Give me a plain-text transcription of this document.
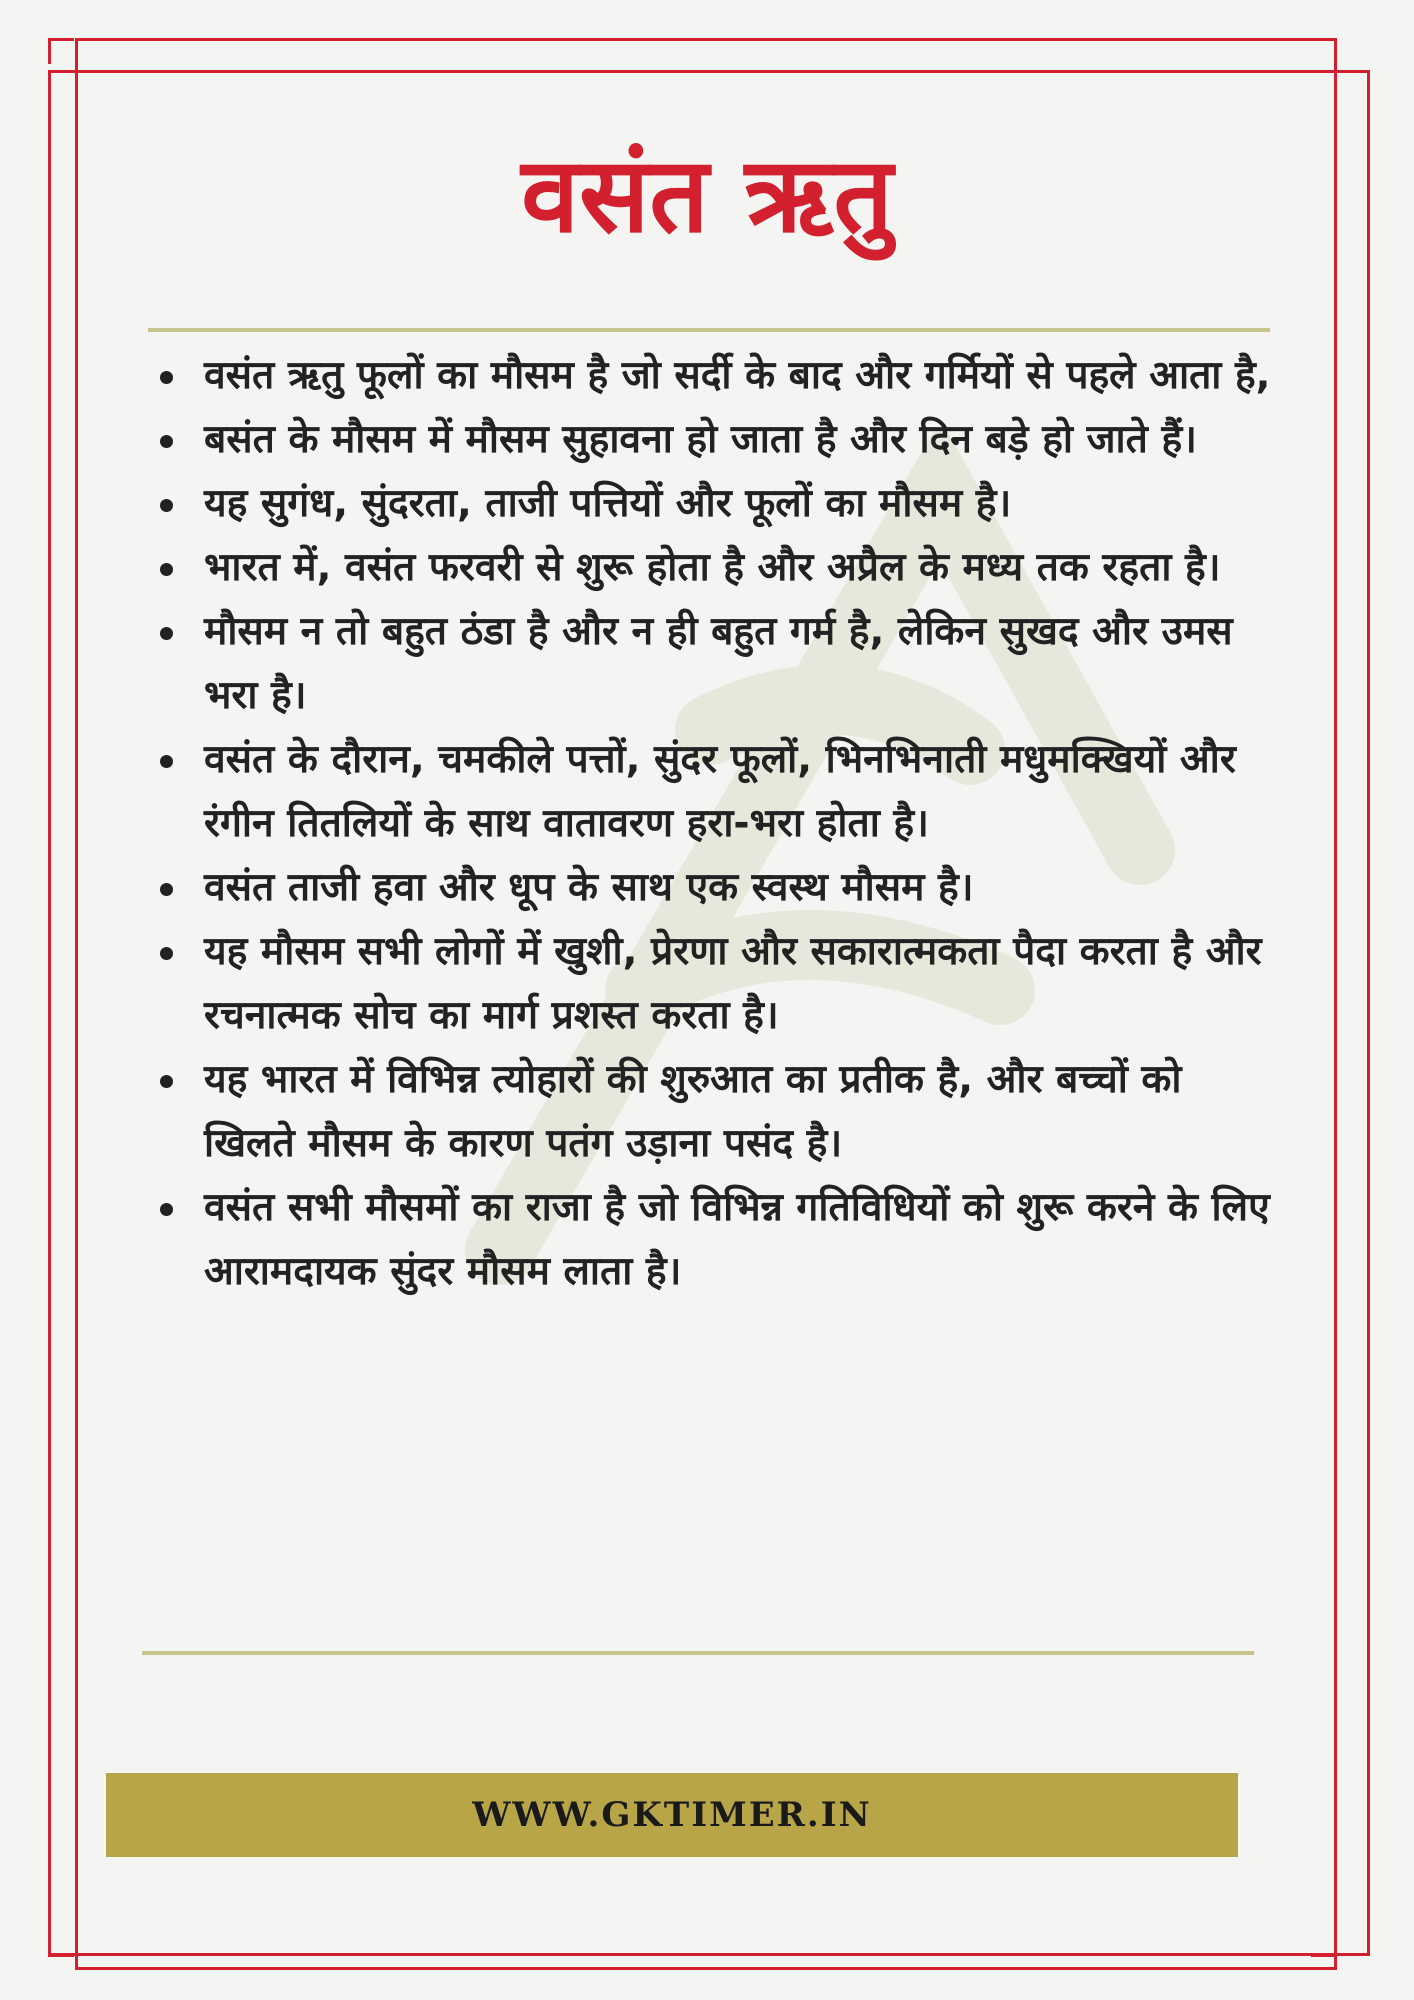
वसंत ऋतु
वसंत ऋतु फूलों का मौसम है जो सर्दी के बाद और गर्मियों से पहले आता है,
बसंत के मौसम में मौसम सुहावना हो जाता है और दिन बड़े हो जाते हैं।
यह सुगंध, सुंदरता, ताजी पत्तियों और फूलों का मौसम है।
भारत में, वसंत फरवरी से शुरू होता है और अप्रैल के मध्य तक रहता है।
मौसम न तो बहुत ठंडा है और न ही बहुत गर्म है, लेकिन सुखद और उमस भरा है।
वसंत के दौरान, चमकीले पत्तों, सुंदर फूलों, भिनभिनाती मधुमक्खियों और रंगीन तितलियों के साथ वातावरण हरा-भरा होता है।
वसंत ताजी हवा और धूप के साथ एक स्वस्थ मौसम है।
यह मौसम सभी लोगों में खुशी, प्रेरणा और सकारात्मकता पैदा करता है और रचनात्मक सोच का मार्ग प्रशस्त करता है।
यह भारत में विभिन्न त्योहारों की शुरुआत का प्रतीक है, और बच्चों को खिलते मौसम के कारण पतंग उड़ाना पसंद है।
वसंत सभी मौसमों का राजा है जो विभिन्न गतिविधियों को शुरू करने के लिए आरामदायक सुंदर मौसम लाता है।
WWW.GKTIMER.IN
